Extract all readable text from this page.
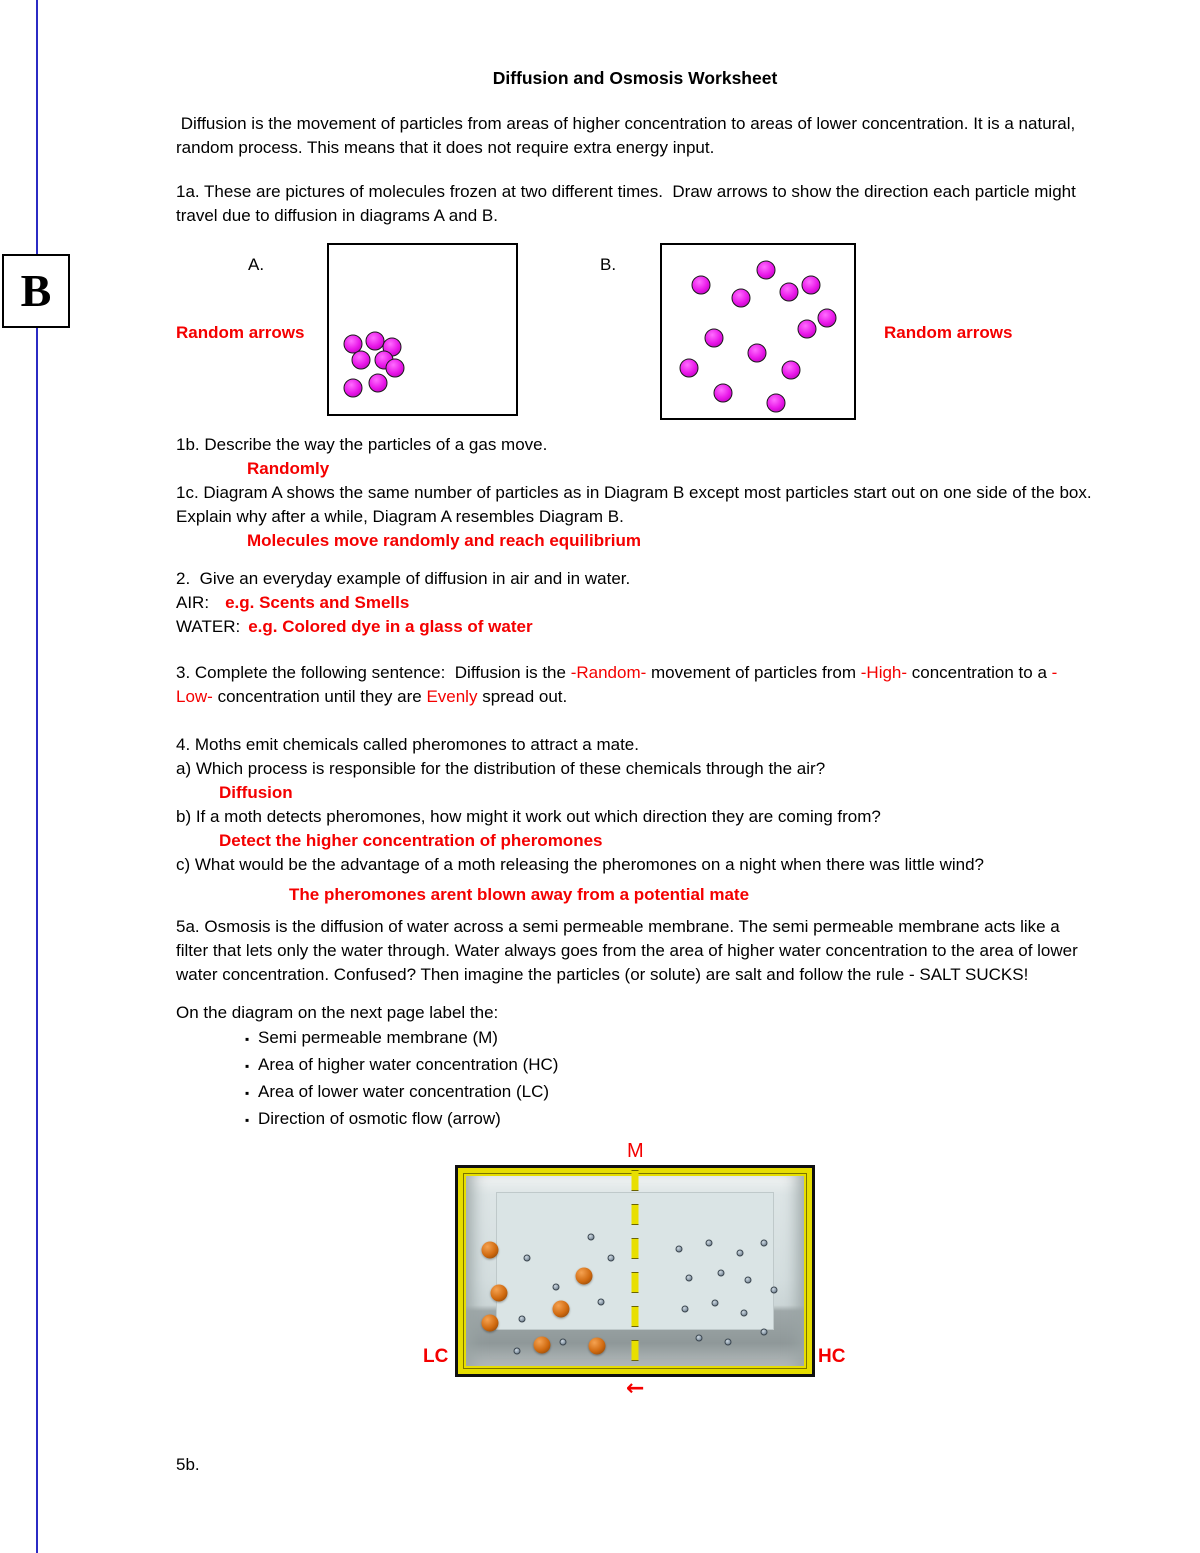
B
Diffusion and Osmosis Worksheet

Diffusion is the movement of particles from areas of higher concentration to areas of lower concentration. It is a natural, random process. This means that it does not require extra energy input.

1a. These are pictures of molecules frozen at two different times.  Draw arrows to show the direction each particle might travel due to diffusion in diagrams A and B.

Random arrows
A.	B.
Random arrows

1b. Describe the way the particles of a gas move.

Randomly

1c. Diagram A shows the same number of particles as in Diagram B except most particles start out on one side of the box. Explain why after a while, Diagram A resembles Diagram B.

Molecules move randomly and reach equilibrium

2.  Give an everyday example of diffusion in air and in water.

AIR: e.g. Scents and Smells

WATER: e.g. Colored dye in a glass of water

3. Complete the following sentence:  Diffusion is the -Random- movement of particles from -High- concentration to a -Low- concentration until they are Evenly spread out.

4. Moths emit chemicals called pheromones to attract a mate.

a) Which process is responsible for the distribution of these chemicals through the air?

Diffusion

b) If a moth detects pheromones, how might it work out which direction they are coming from?

Detect the higher concentration of pheromones

c) What would be the advantage of a moth releasing the pheromones on a night when there was little wind?

The pheromones arent blown away from a potential mate

5a. Osmosis is the diffusion of water across a semi permeable membrane. The semi permeable membrane acts like a filter that lets only the water through. Water always goes from the area of higher water concentration to the area of lower water concentration. Confused? Then imagine the particles (or solute) are salt and follow the rule - SALT SUCKS!

On the diagram on the next page label the:

▪ Semi permeable membrane (M)
▪ Area of higher water concentration (HC)
▪ Area of lower water concentration (LC)
▪ Direction of osmotic flow (arrow)
M
LC	HC
←

5b.
